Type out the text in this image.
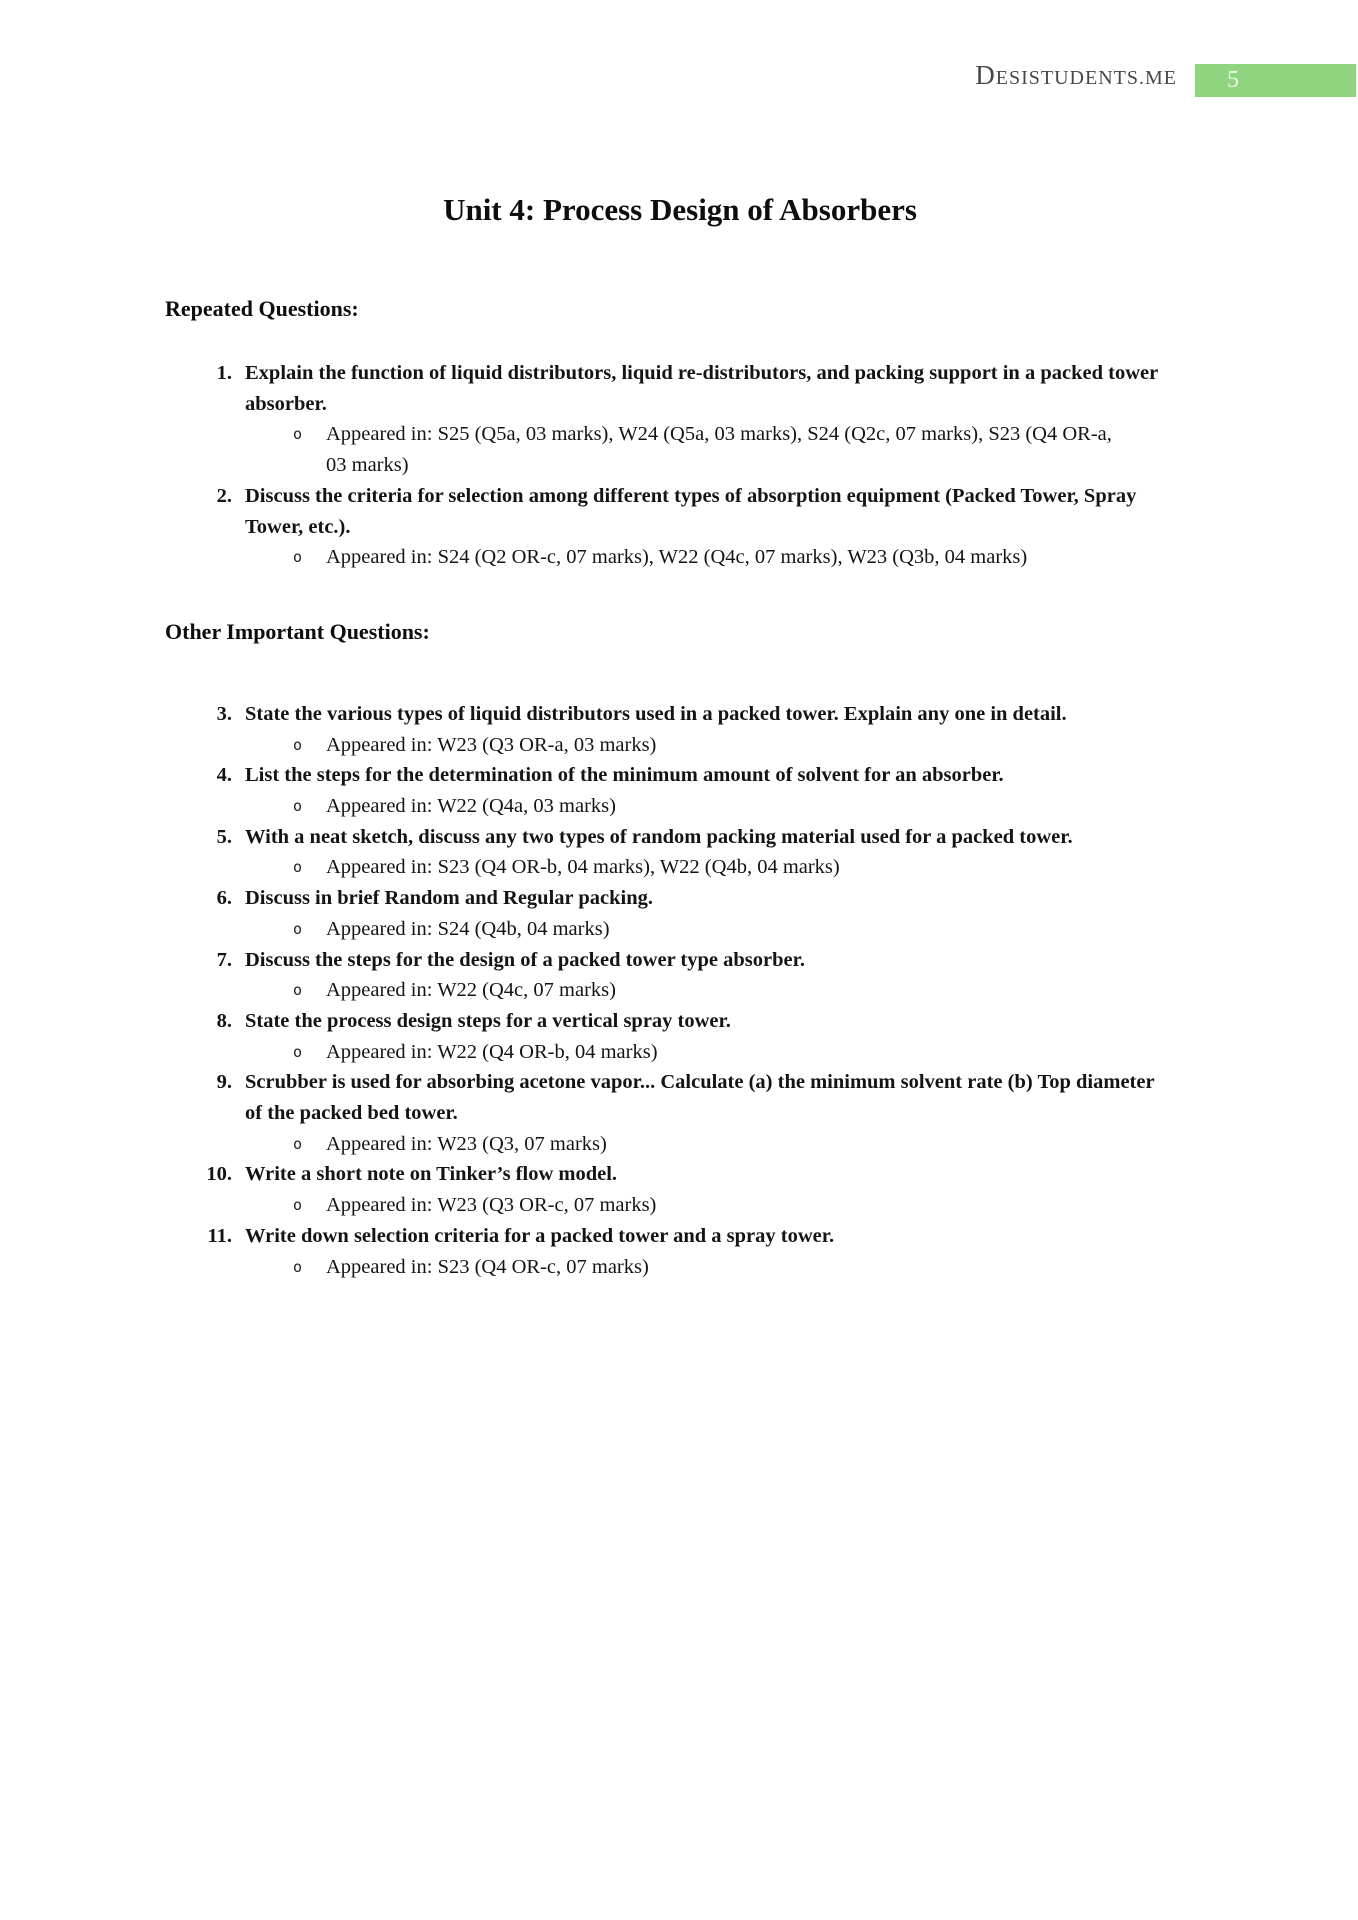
DESISTUDENTS.ME 5
Unit 4: Process Design of Absorbers
Repeated Questions:
1. Explain the function of liquid distributors, liquid re-distributors, and packing support in a packed tower absorber.
o	Appeared in: S25 (Q5a, 03 marks), W24 (Q5a, 03 marks), S24 (Q2c, 07 marks), S23 (Q4 OR-a, 03 marks)
2. Discuss the criteria for selection among different types of absorption equipment (Packed Tower, Spray Tower, etc.).
o	Appeared in: S24 (Q2 OR-c, 07 marks), W22 (Q4c, 07 marks), W23 (Q3b, 04 marks)
Other Important Questions:
3. State the various types of liquid distributors used in a packed tower. Explain any one in detail.
o	Appeared in: W23 (Q3 OR-a, 03 marks)
4. List the steps for the determination of the minimum amount of solvent for an absorber.
o	Appeared in: W22 (Q4a, 03 marks)
5. With a neat sketch, discuss any two types of random packing material used for a packed tower.
o	Appeared in: S23 (Q4 OR-b, 04 marks), W22 (Q4b, 04 marks)
6. Discuss in brief Random and Regular packing.
o	Appeared in: S24 (Q4b, 04 marks)
7. Discuss the steps for the design of a packed tower type absorber.
o	Appeared in: W22 (Q4c, 07 marks)
8. State the process design steps for a vertical spray tower.
o	Appeared in: W22 (Q4 OR-b, 04 marks)
9. Scrubber is used for absorbing acetone vapor... Calculate (a) the minimum solvent rate (b) Top diameter of the packed bed tower.
o	Appeared in: W23 (Q3, 07 marks)
10. Write a short note on Tinker’s flow model.
o	Appeared in: W23 (Q3 OR-c, 07 marks)
11. Write down selection criteria for a packed tower and a spray tower.
o	Appeared in: S23 (Q4 OR-c, 07 marks)
